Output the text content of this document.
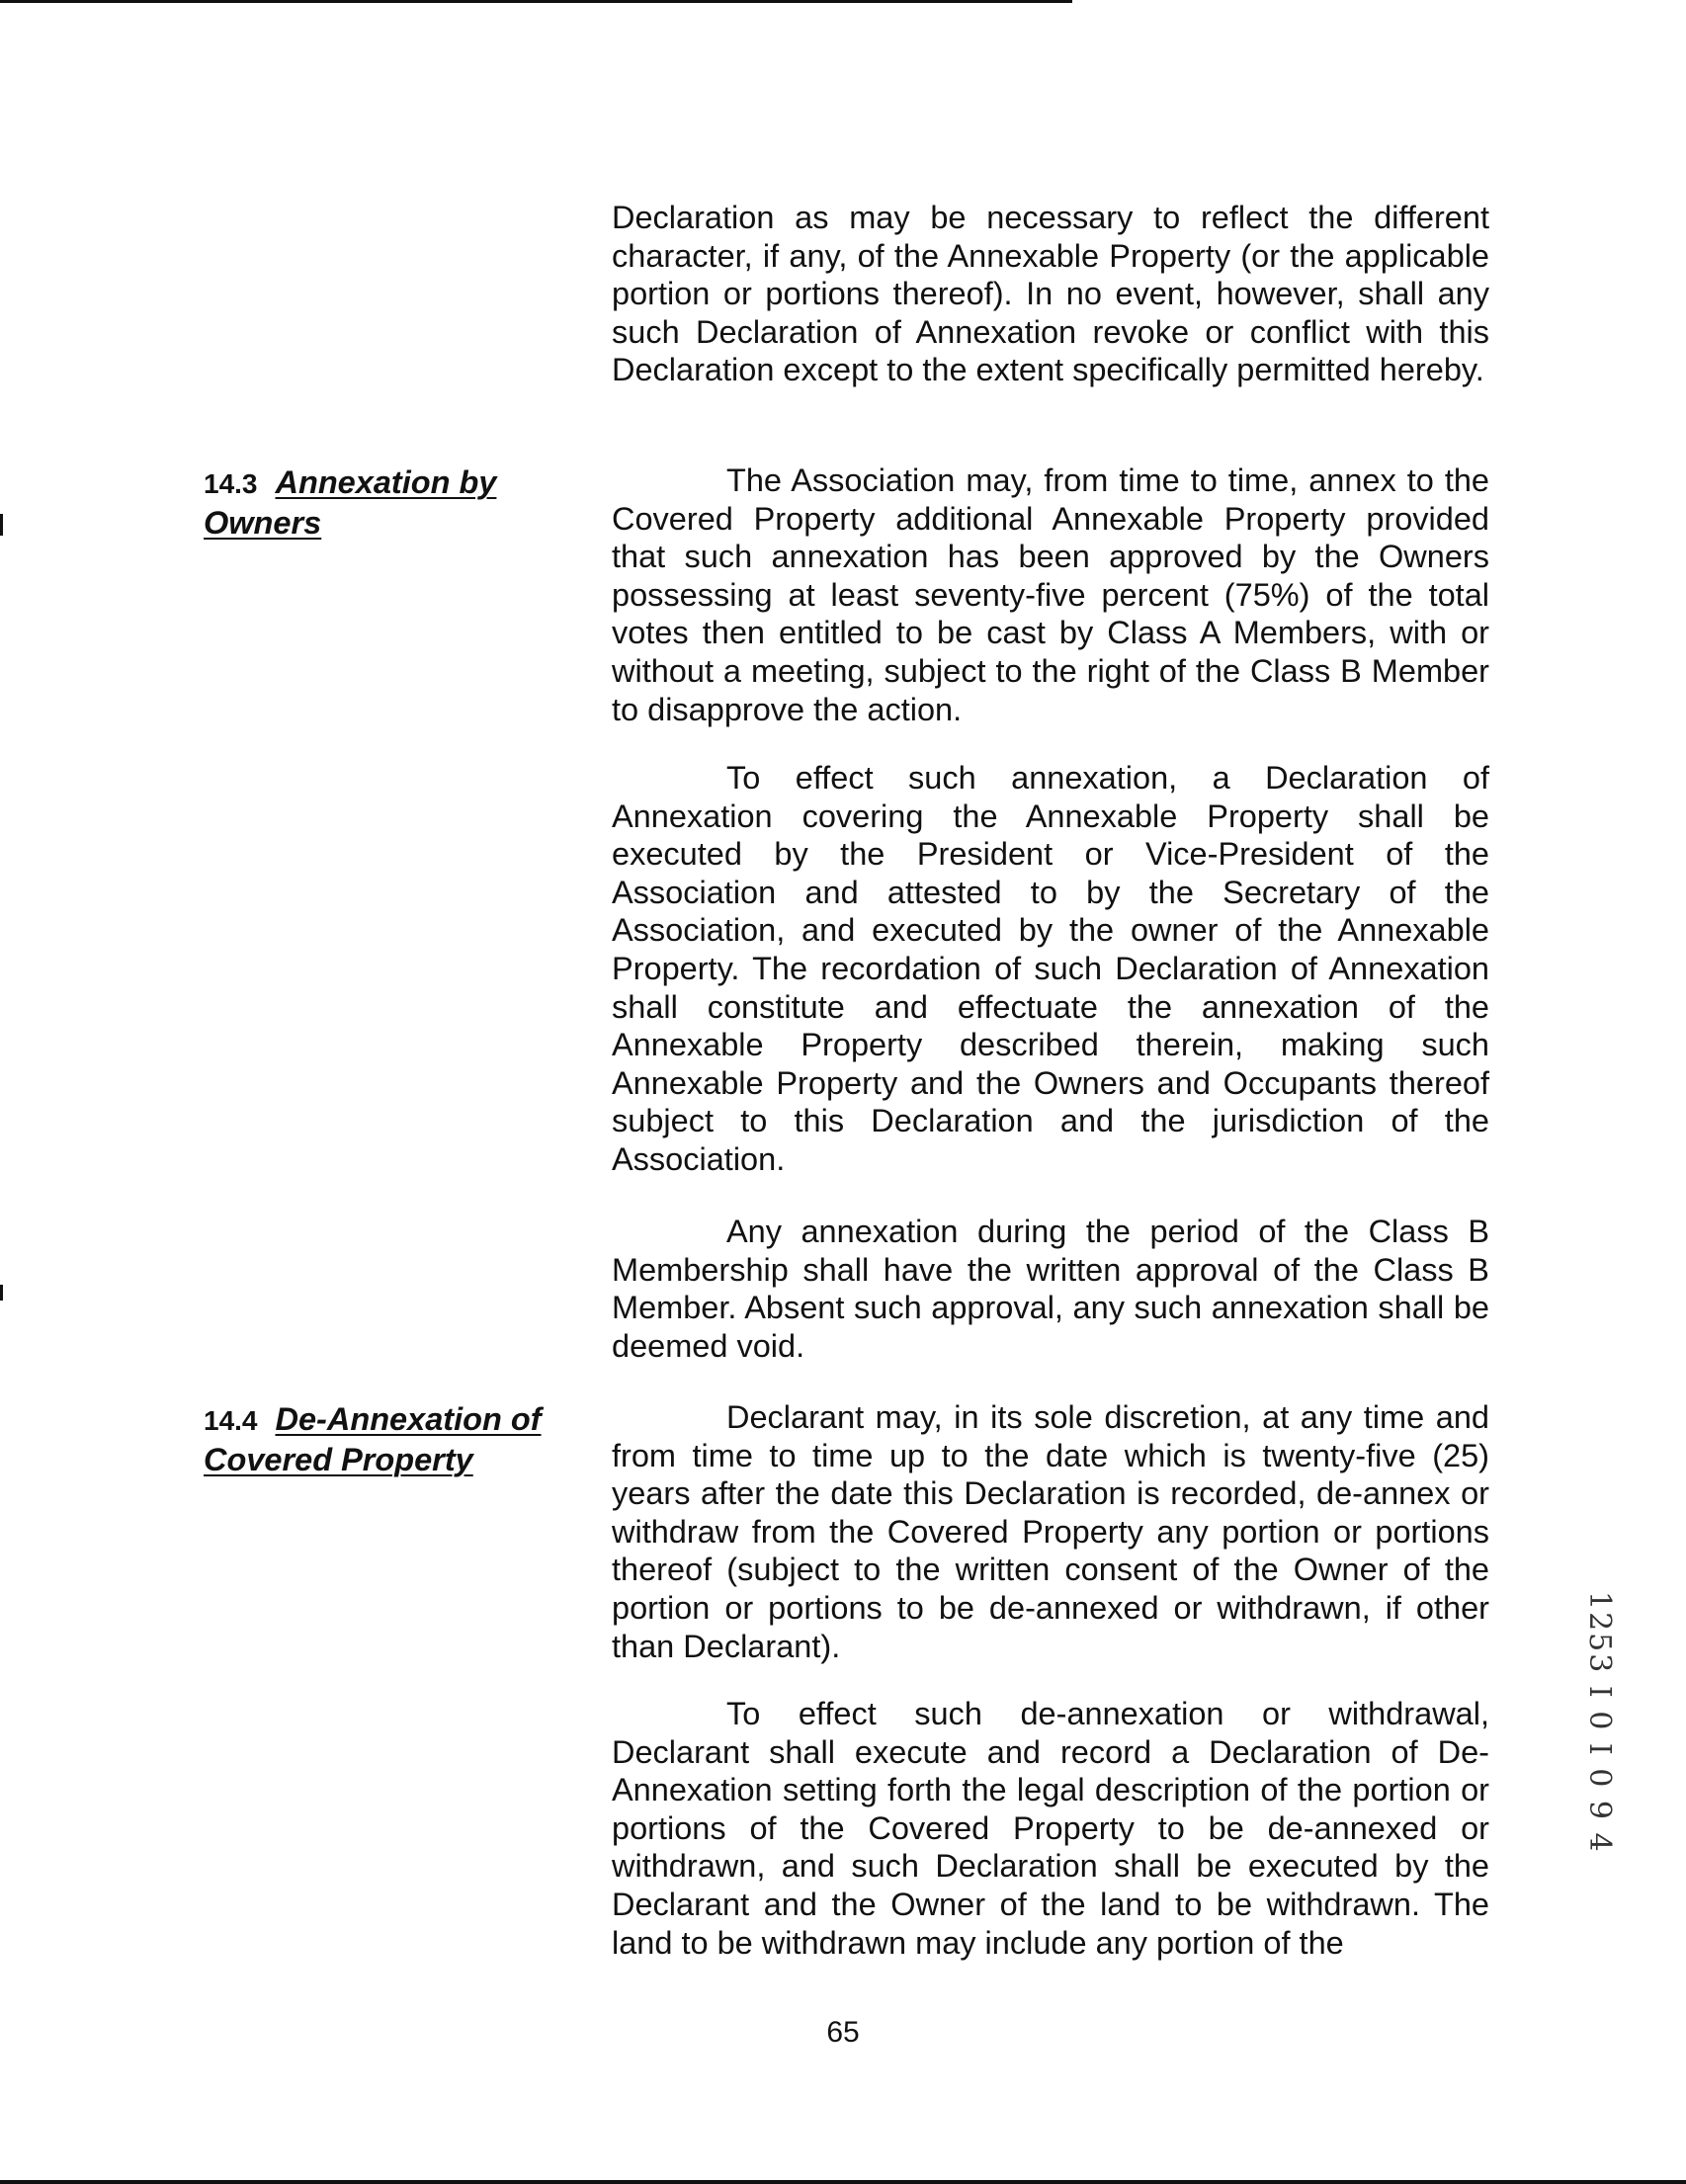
Declaration as may be necessary to reflect the different character, if any, of the Annexable Property (or the applicable portion or portions thereof). In no event, however, shall any such Declaration of Annexation revoke or conflict with this Declaration except to the extent specifically permitted hereby.

14.3 Annexation by Owners

The Association may, from time to time, annex to the Covered Property additional Annexable Property provided that such annexation has been approved by the Owners possessing at least seventy-five percent (75%) of the total votes then entitled to be cast by Class A Members, with or without a meeting, subject to the right of the Class B Member to disapprove the action.

To effect such annexation, a Declaration of Annexation covering the Annexable Property shall be executed by the President or Vice-President of the Association and attested to by the Secretary of the Association, and executed by the owner of the Annexable Property. The recordation of such Declaration of Annexation shall constitute and effectuate the annexation of the Annexable Property described therein, making such Annexable Property and the Owners and Occupants thereof subject to this Declaration and the jurisdiction of the Association.

Any annexation during the period of the Class B Membership shall have the written approval of the Class B Member. Absent such approval, any such annexation shall be deemed void.

14.4 De-Annexation of Covered Property

Declarant may, in its sole discretion, at any time and from time to time up to the date which is twenty-five (25) years after the date this Declaration is recorded, de-annex or withdraw from the Covered Property any portion or portions thereof (subject to the written consent of the Owner of the portion or portions to be de-annexed or withdrawn, if other than Declarant).

To effect such de-annexation or withdrawal, Declarant shall execute and record a Declaration of De-Annexation setting forth the legal description of the portion or portions of the Covered Property to be de-annexed or withdrawn, and such Declaration shall be executed by the Declarant and the Owner of the land to be withdrawn. The land to be withdrawn may include any portion of the

65

1253 I 0 I 0 9 4
